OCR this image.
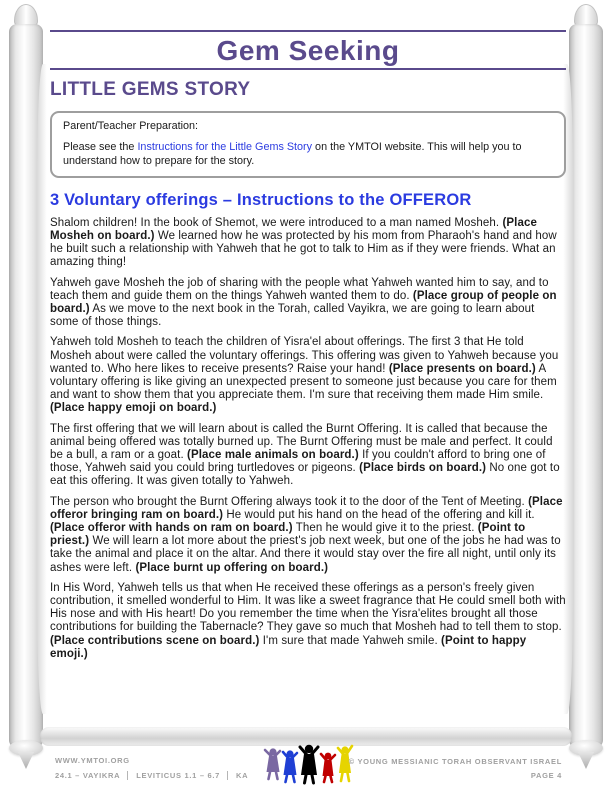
Gem Seeking
LITTLE GEMS STORY
Parent/Teacher Preparation:
Please see the Instructions for the Little Gems Story on the YMTOI website. This will help you to understand how to prepare for the story.
3 Voluntary offerings – Instructions to the OFFEROR

Shalom children! In the book of Shemot, we were introduced to a man named Mosheh. (Place Mosheh on board.) We learned how he was protected by his mom from Pharaoh's hand and how he built such a relationship with Yahweh that he got to talk to Him as if they were friends. What an amazing thing!

Yahweh gave Mosheh the job of sharing with the people what Yahweh wanted him to say, and to teach them and guide them on the things Yahweh wanted them to do. (Place group of people on board.) As we move to the next book in the Torah, called Vayikra, we are going to learn about some of those things.

Yahweh told Mosheh to teach the children of Yisra'el about offerings. The first 3 that He told Mosheh about were called the voluntary offerings. This offering was given to Yahweh because you wanted to. Who here likes to receive presents? Raise your hand! (Place presents on board.) A voluntary offering is like giving an unexpected present to someone just because you care for them and want to show them that you appreciate them. I'm sure that receiving them made Him smile. (Place happy emoji on board.)

The first offering that we will learn about is called the Burnt Offering. It is called that because the animal being offered was totally burned up. The Burnt Offering must be male and perfect. It could be a bull, a ram or a goat. (Place male animals on board.) If you couldn't afford to bring one of those, Yahweh said you could bring turtledoves or pigeons. (Place birds on board.) No one got to eat this offering. It was given totally to Yahweh.

The person who brought the Burnt Offering always took it to the door of the Tent of Meeting. (Place offeror bringing ram on board.) He would put his hand on the head of the offering and kill it. (Place offeror with hands on ram on board.) Then he would give it to the priest. (Point to priest.) We will learn a lot more about the priest's job next week, but one of the jobs he had was to take the animal and place it on the altar. And there it would stay over the fire all night, until only its ashes were left. (Place burnt up offering on board.)

In His Word, Yahweh tells us that when He received these offerings as a person's freely given contribution, it smelled wonderful to Him. It was like a sweet fragrance that He could smell both with His nose and with His heart! Do you remember the time when the Yisra'elites brought all those contributions for building the Tabernacle? They gave so much that Mosheh had to tell them to stop. (Place contributions scene on board.) I'm sure that made Yahweh smile. (Point to happy emoji.)

WWW.YMTOI.ORG
24.1 – VAYIKRA LEVITICUS 1.1 – 6.7 KA
© YOUNG MESSIANIC TORAH OBSERVANT ISRAEL
PAGE 4
